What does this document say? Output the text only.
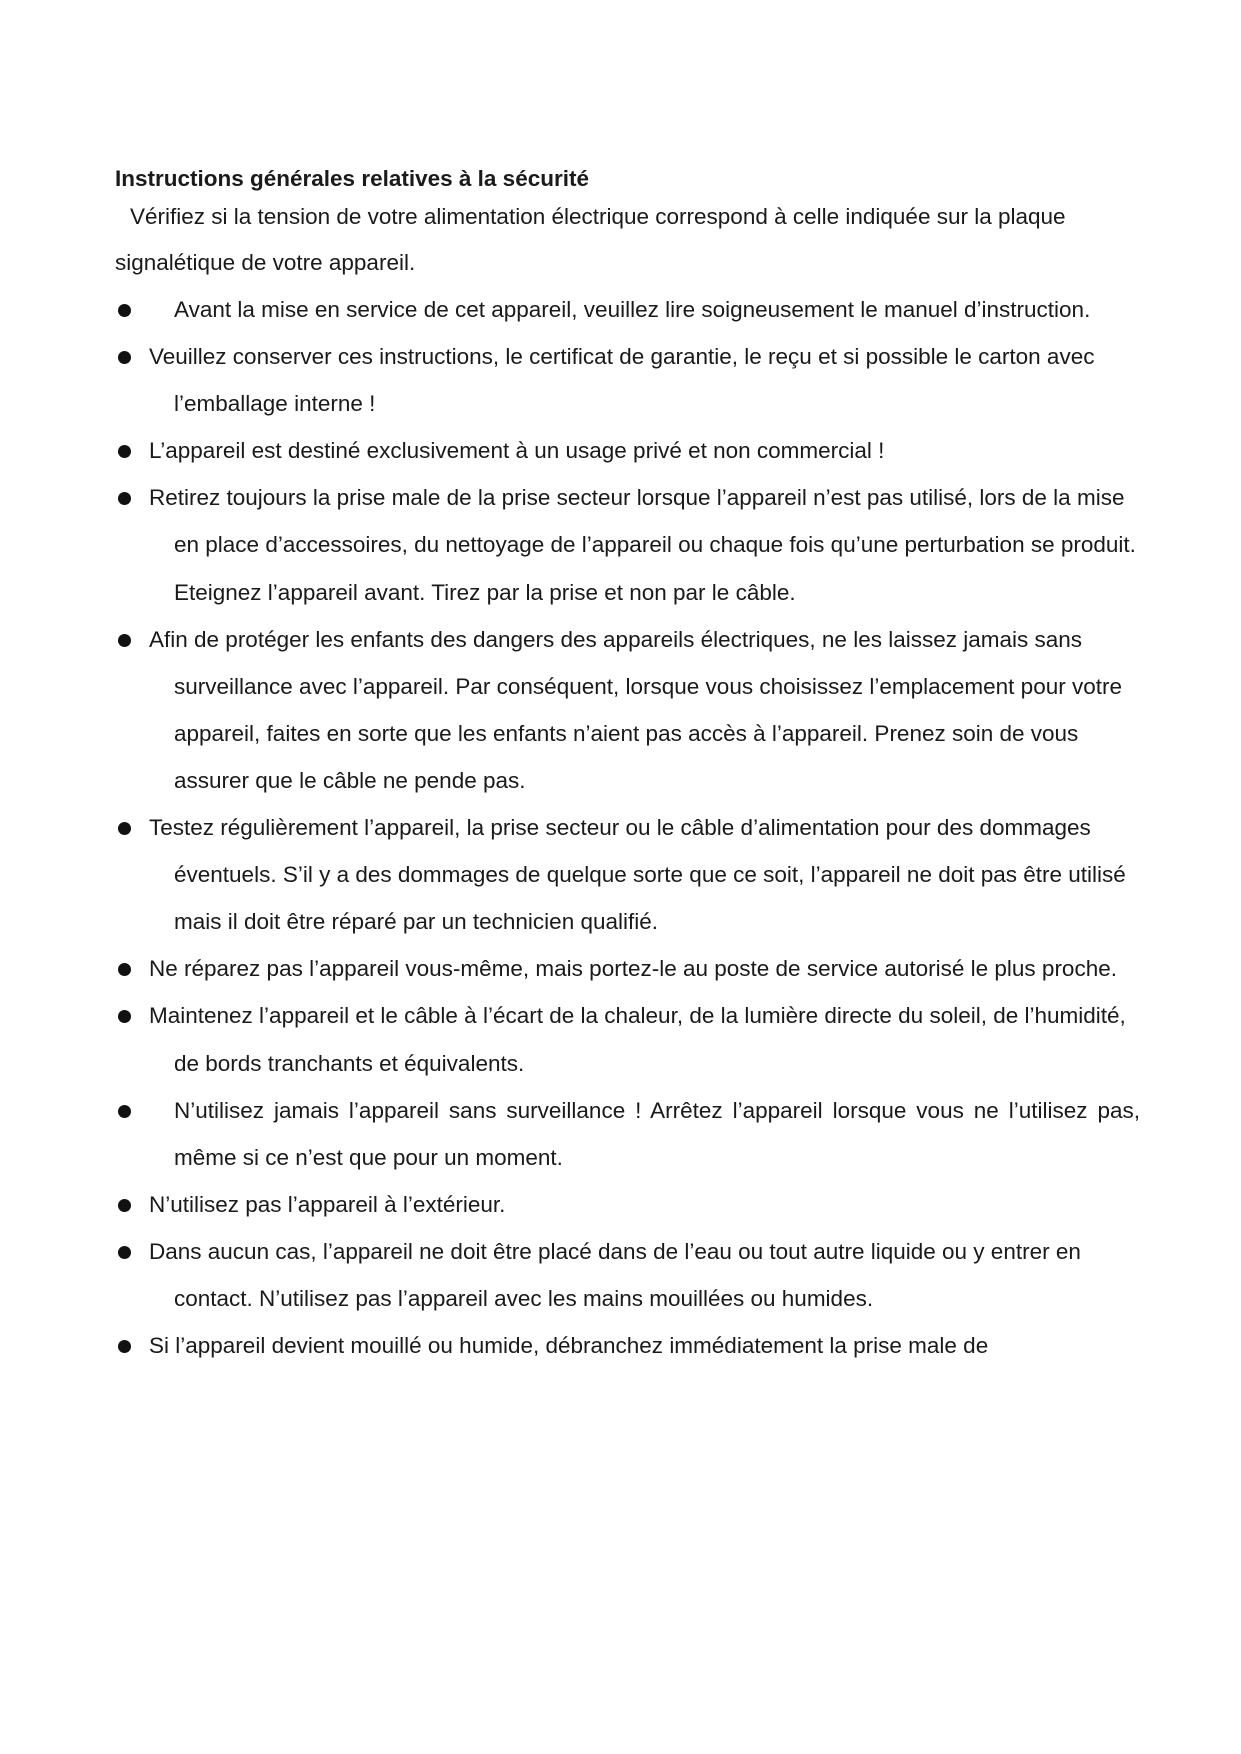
Instructions générales relatives à la sécurité

Vérifiez si la tension de votre alimentation électrique correspond à celle indiquée sur la plaque signalétique de votre appareil.

Avant la mise en service de cet appareil, veuillez lire soigneusement le manuel d’instruction.
Veuillez conserver ces instructions, le certificat de garantie, le reçu et si possible le carton avec l’emballage interne !
L’appareil est destiné exclusivement à un usage privé et non commercial !
Retirez toujours la prise male de la prise secteur lorsque l’appareil n’est pas utilisé, lors de la mise en place d’accessoires, du nettoyage de l’appareil ou chaque fois qu’une perturbation se produit. Eteignez l’appareil avant. Tirez par la prise et non par le câble.
Afin de protéger les enfants des dangers des appareils électriques, ne les laissez jamais sans surveillance avec l’appareil. Par conséquent, lorsque vous choisissez l’emplacement pour votre appareil, faites en sorte que les enfants n’aient pas accès à l’appareil. Prenez soin de vous assurer que le câble ne pende pas.
Testez régulièrement l’appareil, la prise secteur ou le câble d’alimentation pour des dommages éventuels. S’il y a des dommages de quelque sorte que ce soit, l’appareil ne doit pas être utilisé mais il doit être réparé par un technicien qualifié.
Ne réparez pas l’appareil vous-même, mais portez-le au poste de service autorisé le plus proche.
Maintenez l’appareil et le câble à l’écart de la chaleur, de la lumière directe du soleil, de l’humidité, de bords tranchants et équivalents.
N’utilisez jamais l’appareil sans surveillance ! Arrêtez l’appareil lorsque vous ne l’utilisez pas, même si ce n’est que pour un moment.
N’utilisez pas l’appareil à l’extérieur.
Dans aucun cas, l’appareil ne doit être placé dans de l’eau ou tout autre liquide ou y entrer en contact. N’utilisez pas l’appareil avec les mains mouillées ou humides.
Si l’appareil devient mouillé ou humide, débranchez immédiatement la prise male de
